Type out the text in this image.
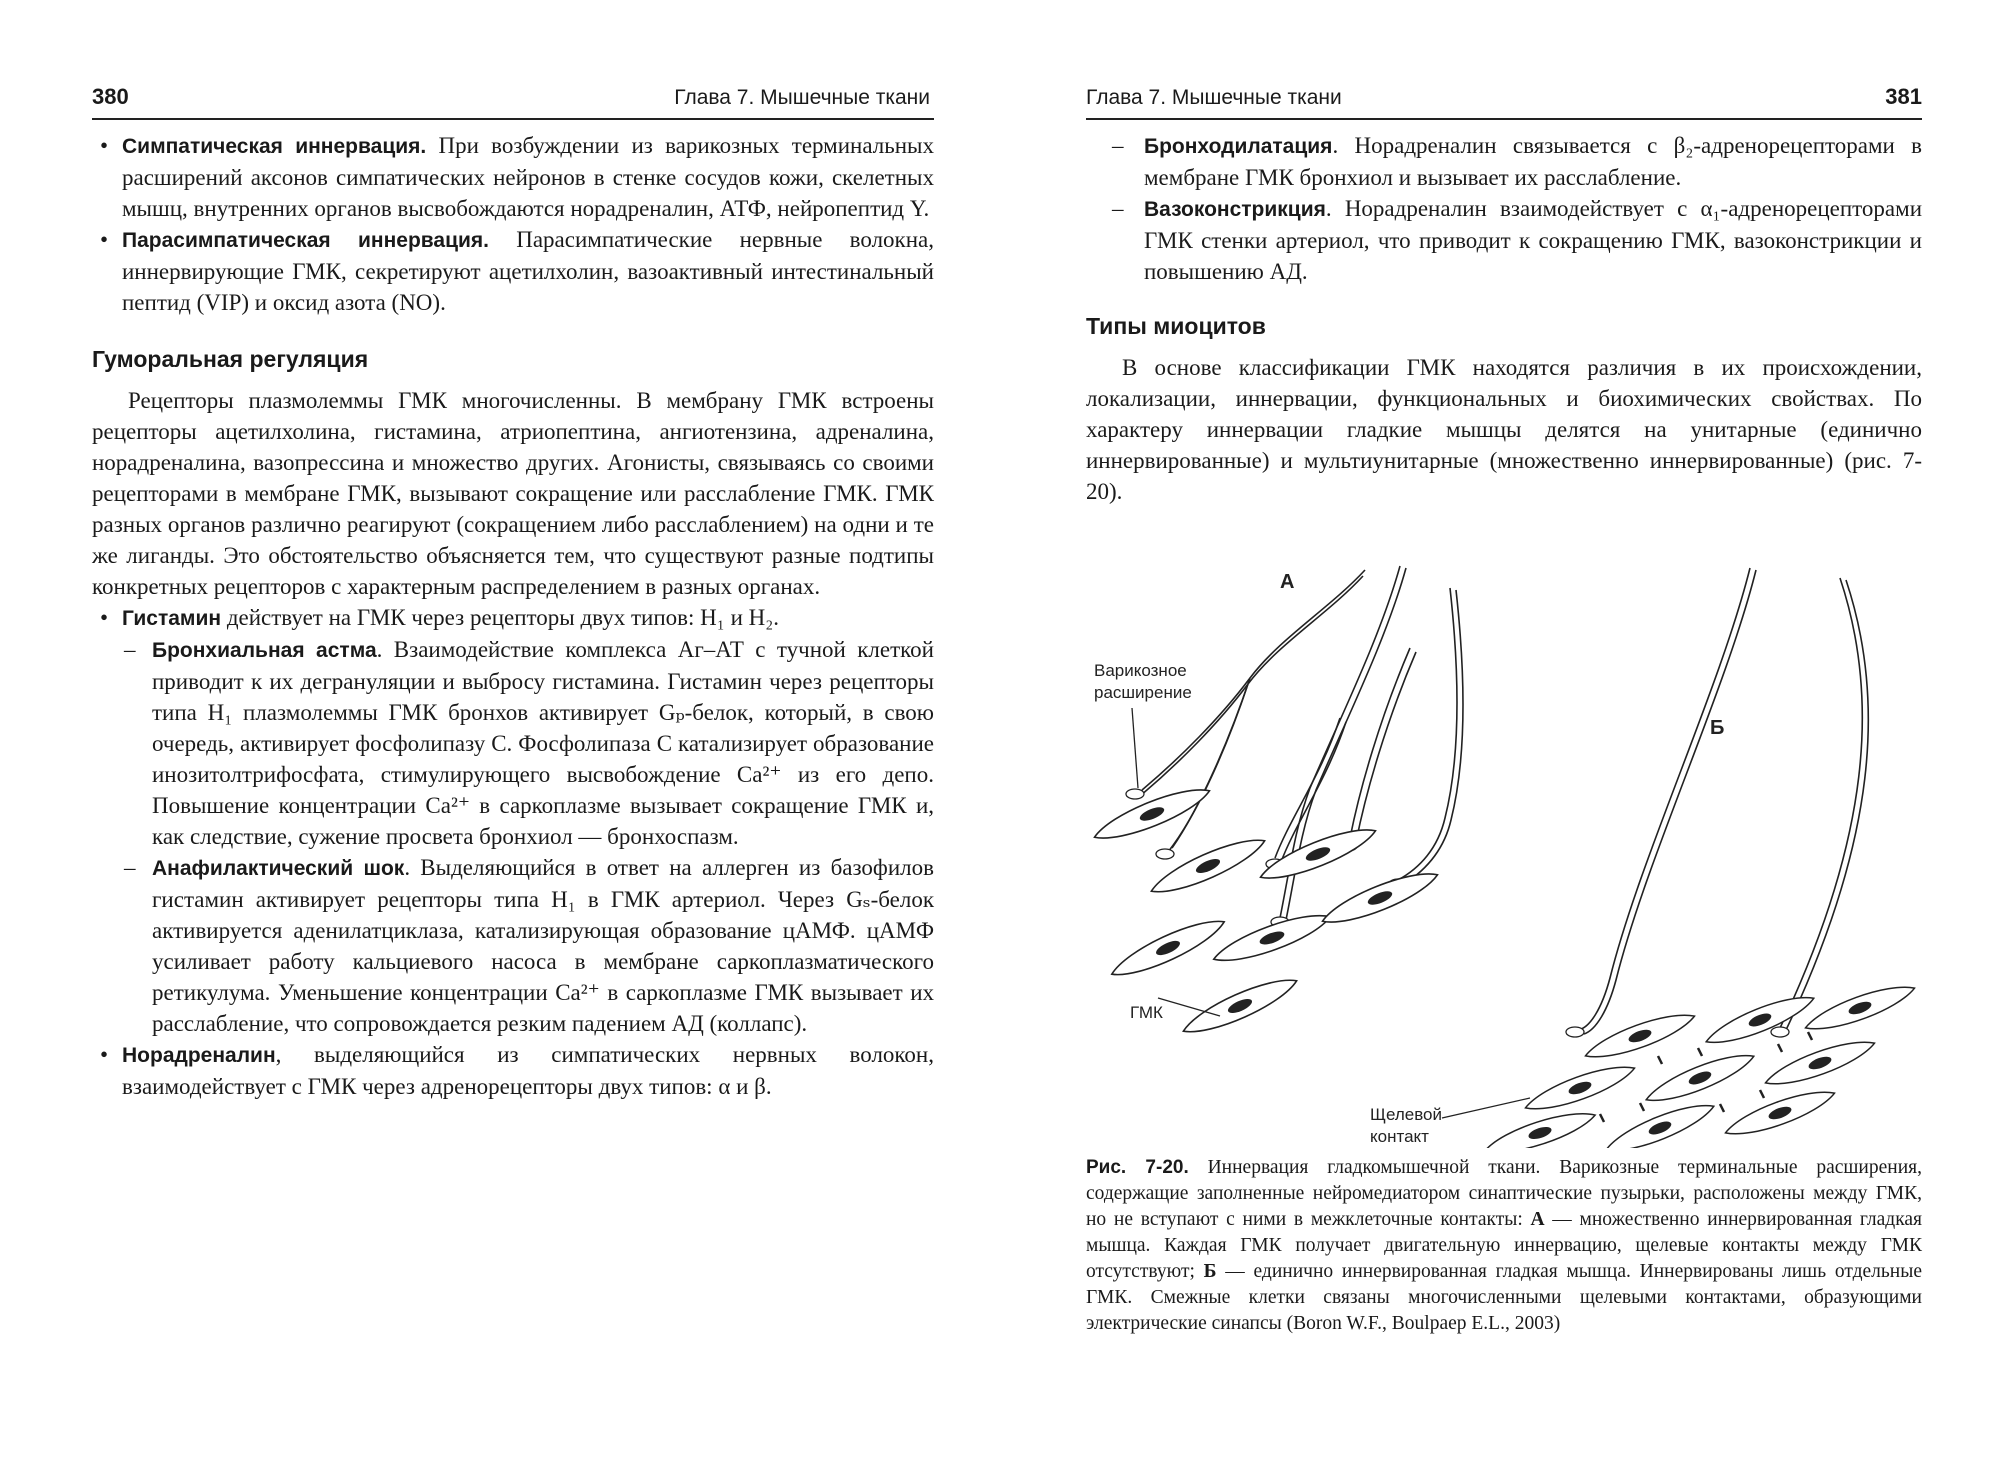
380	Глава 7. Мышечные ткани

• Симпатическая иннервация. При возбуждении из варикозных терминальных расширений аксонов симпатических нейронов в стенке сосудов кожи, скелетных мышц, внутренних органов высвобождаются норадреналин, АТФ, нейропептид Y.

• Парасимпатическая иннервация. Парасимпатические нервные волокна, иннервирующие ГМК, секретируют ацетилхолин, вазоактивный интестинальный пептид (VIP) и оксид азота (NO).

Гуморальная регуляция

Рецепторы плазмолеммы ГМК многочисленны. В мембрану ГМК встроены рецепторы ацетилхолина, гистамина, атриопептина, ангиотензина, адреналина, норадреналина, вазопрессина и множество других. Агонисты, связываясь со своими рецепторами в мембране ГМК, вызывают сокращение или расслабление ГМК. ГМК разных органов различно реагируют (сокращением либо расслаблением) на одни и те же лиганды. Это обстоятельство объясняется тем, что существуют разные подтипы конкретных рецепторов с характерным распределением в разных органах.

• Гистамин действует на ГМК через рецепторы двух типов: H₁ и H₂.

– Бронхиальная астма. Взаимодействие комплекса Аг–АТ с тучной клеткой приводит к их дегрануляции и выбросу гистамина. Гистамин через рецепторы типа H₁ плазмолеммы ГМК бронхов активирует Gₚ-белок, который, в свою очередь, активирует фосфолипазу C. Фосфолипаза C катализирует образование инозитолтрифосфата, стимулирующего высвобождение Ca²⁺ из его депо. Повышение концентрации Ca²⁺ в саркоплазме вызывает сокращение ГМК и, как следствие, сужение просвета бронхиол — бронхоспазм.

– Анафилактический шок. Выделяющийся в ответ на аллерген из базофилов гистамин активирует рецепторы типа H₁ в ГМК артериол. Через Gₛ-белок активируется аденилатциклаза, катализирующая образование цАМФ. цАМФ усиливает работу кальциевого насоса в мембране саркоплазматического ретикулума. Уменьшение концентрации Ca²⁺ в саркоплазме ГМК вызывает их расслабление, что сопровождается резким падением АД (коллапс).

• Норадреналин, выделяющийся из симпатических нервных волокон, взаимодействует с ГМК через адренорецепторы двух типов: α и β.

Глава 7. Мышечные ткани	381

– Бронходилатация. Норадреналин связывается с β₂-адренорецепторами в мембране ГМК бронхиол и вызывает их расслабление.

– Вазоконстрикция. Норадреналин взаимодействует с α₁-адренорецепторами ГМК стенки артериол, что приводит к сокращению ГМК, вазоконстрикции и повышению АД.

Типы миоцитов

В основе классификации ГМК находятся различия в их происхождении, локализации, иннервации, функциональных и биохимических свойствах. По характеру иннервации гладкие мышцы делятся на унитарные (единично иннервированные) и мультиунитарные (множественно иннервированные) (рис. 7-20).

А
Б
Варикозное
расширение
ГМК
Щелевой
контакт
Рис. 7-20. Иннервация гладкомышечной ткани. Варикозные терминальные расширения, содержащие заполненные нейромедиатором синаптические пузырьки, расположены между ГМК, но не вступают с ними в межклеточные контакты: А — множественно иннервированная гладкая мышца. Каждая ГМК получает двигательную иннервацию, щелевые контакты между ГМК отсутствуют; Б — единично иннервированная гладкая мышца. Иннервированы лишь отдельные ГМК. Смежные клетки связаны многочисленными щелевыми контактами, образующими электрические синапсы (Boron W.F., Boulpaep E.L., 2003)
